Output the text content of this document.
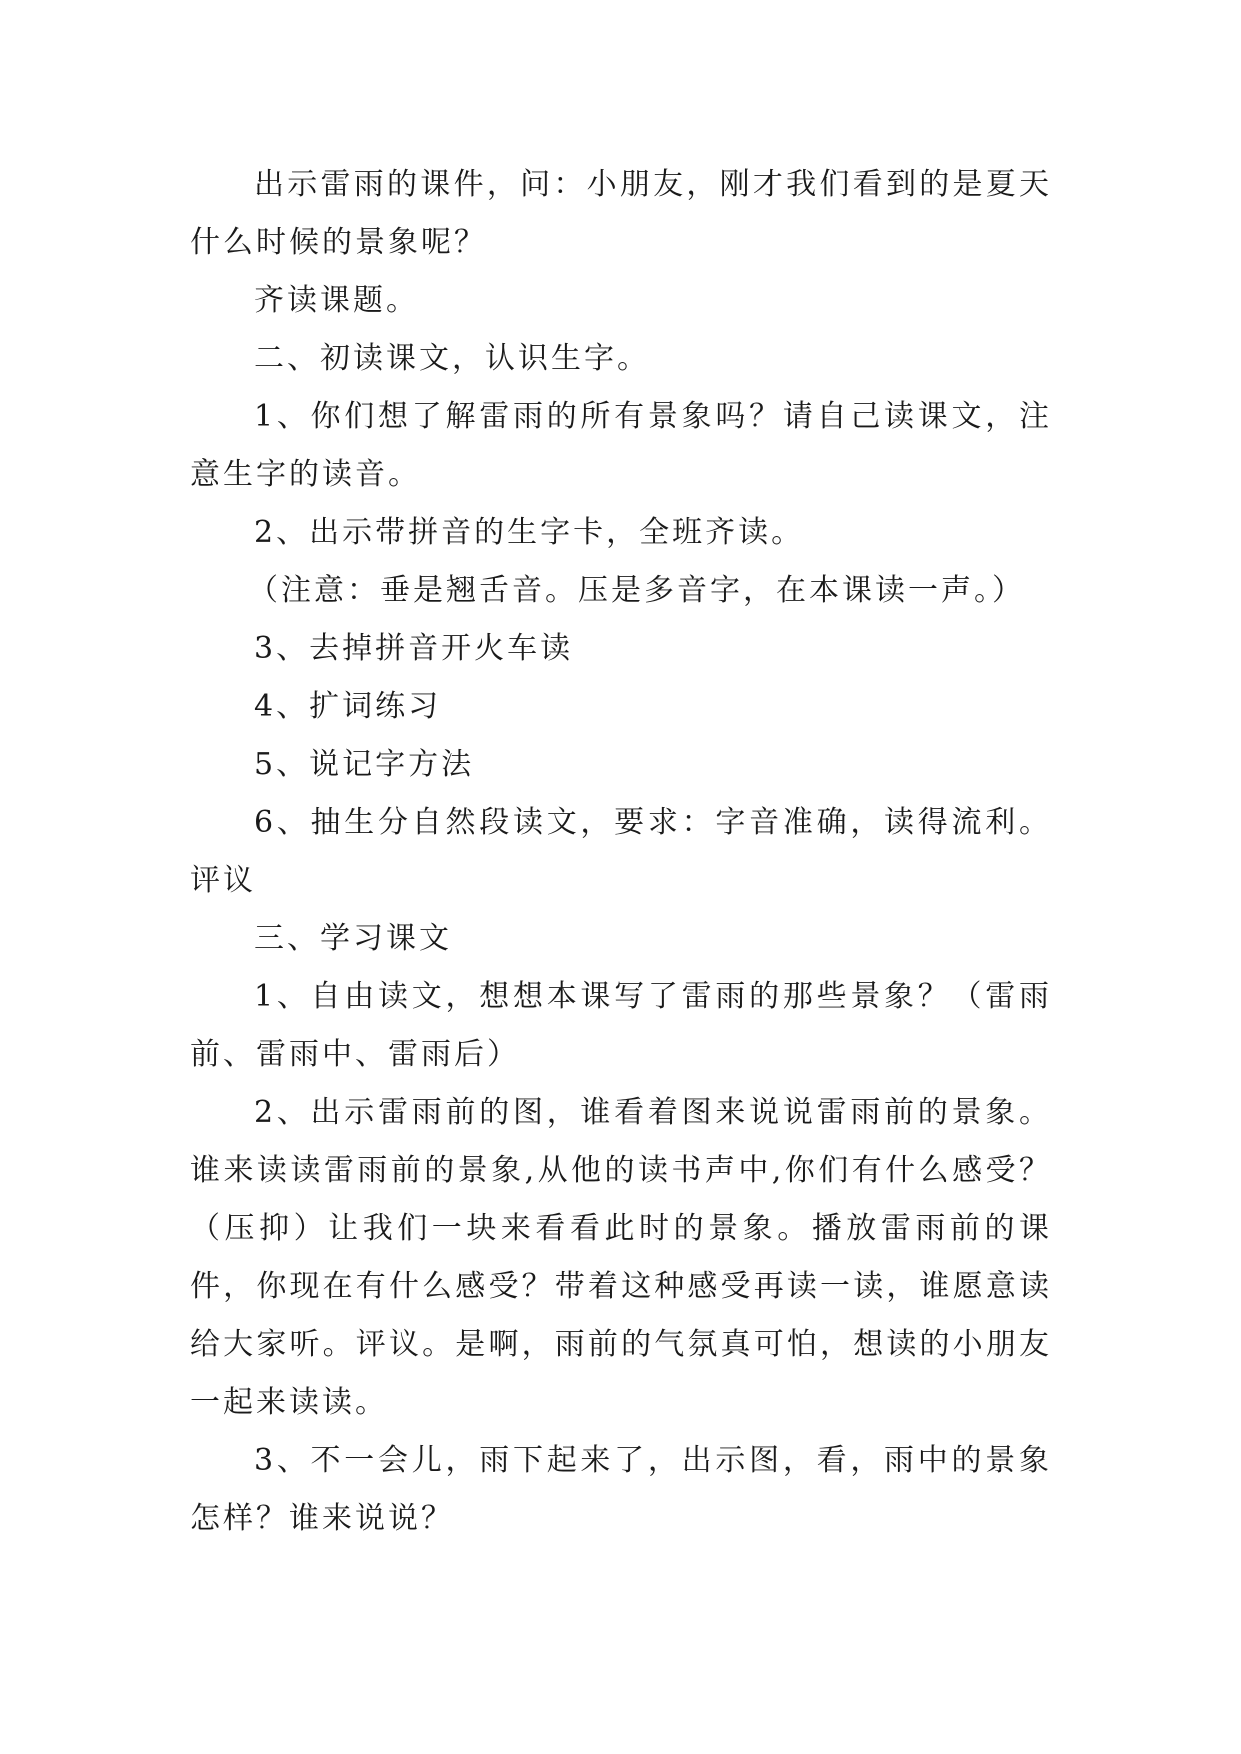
出示雷雨的课件，问：小朋友，刚才我们看到的是夏天什么时候的景象呢？

齐读课题。

二、初读课文，认识生字。

1、你们想了解雷雨的所有景象吗？请自己读课文，注意生字的读音。

2、出示带拼音的生字卡，全班齐读。

（注意：垂是翘舌音。压是多音字，在本课读一声。）

3、去掉拼音开火车读

4、扩词练习

5、说记字方法

6、抽生分自然段读文，要求：字音准确，读得流利。评议

三、学习课文

1、自由读文，想想本课写了雷雨的那些景象？（雷雨前、雷雨中、雷雨后）

2、出示雷雨前的图，谁看着图来说说雷雨前的景象。谁来读读雷雨前的景象,从他的读书声中,你们有什么感受？（压抑）让我们一块来看看此时的景象。播放雷雨前的课件，你现在有什么感受？带着这种感受再读一读，谁愿意读给大家听。评议。是啊，雨前的气氛真可怕，想读的小朋友一起来读读。

3、不一会儿，雨下起来了，出示图，看，雨中的景象怎样？谁来说说？
